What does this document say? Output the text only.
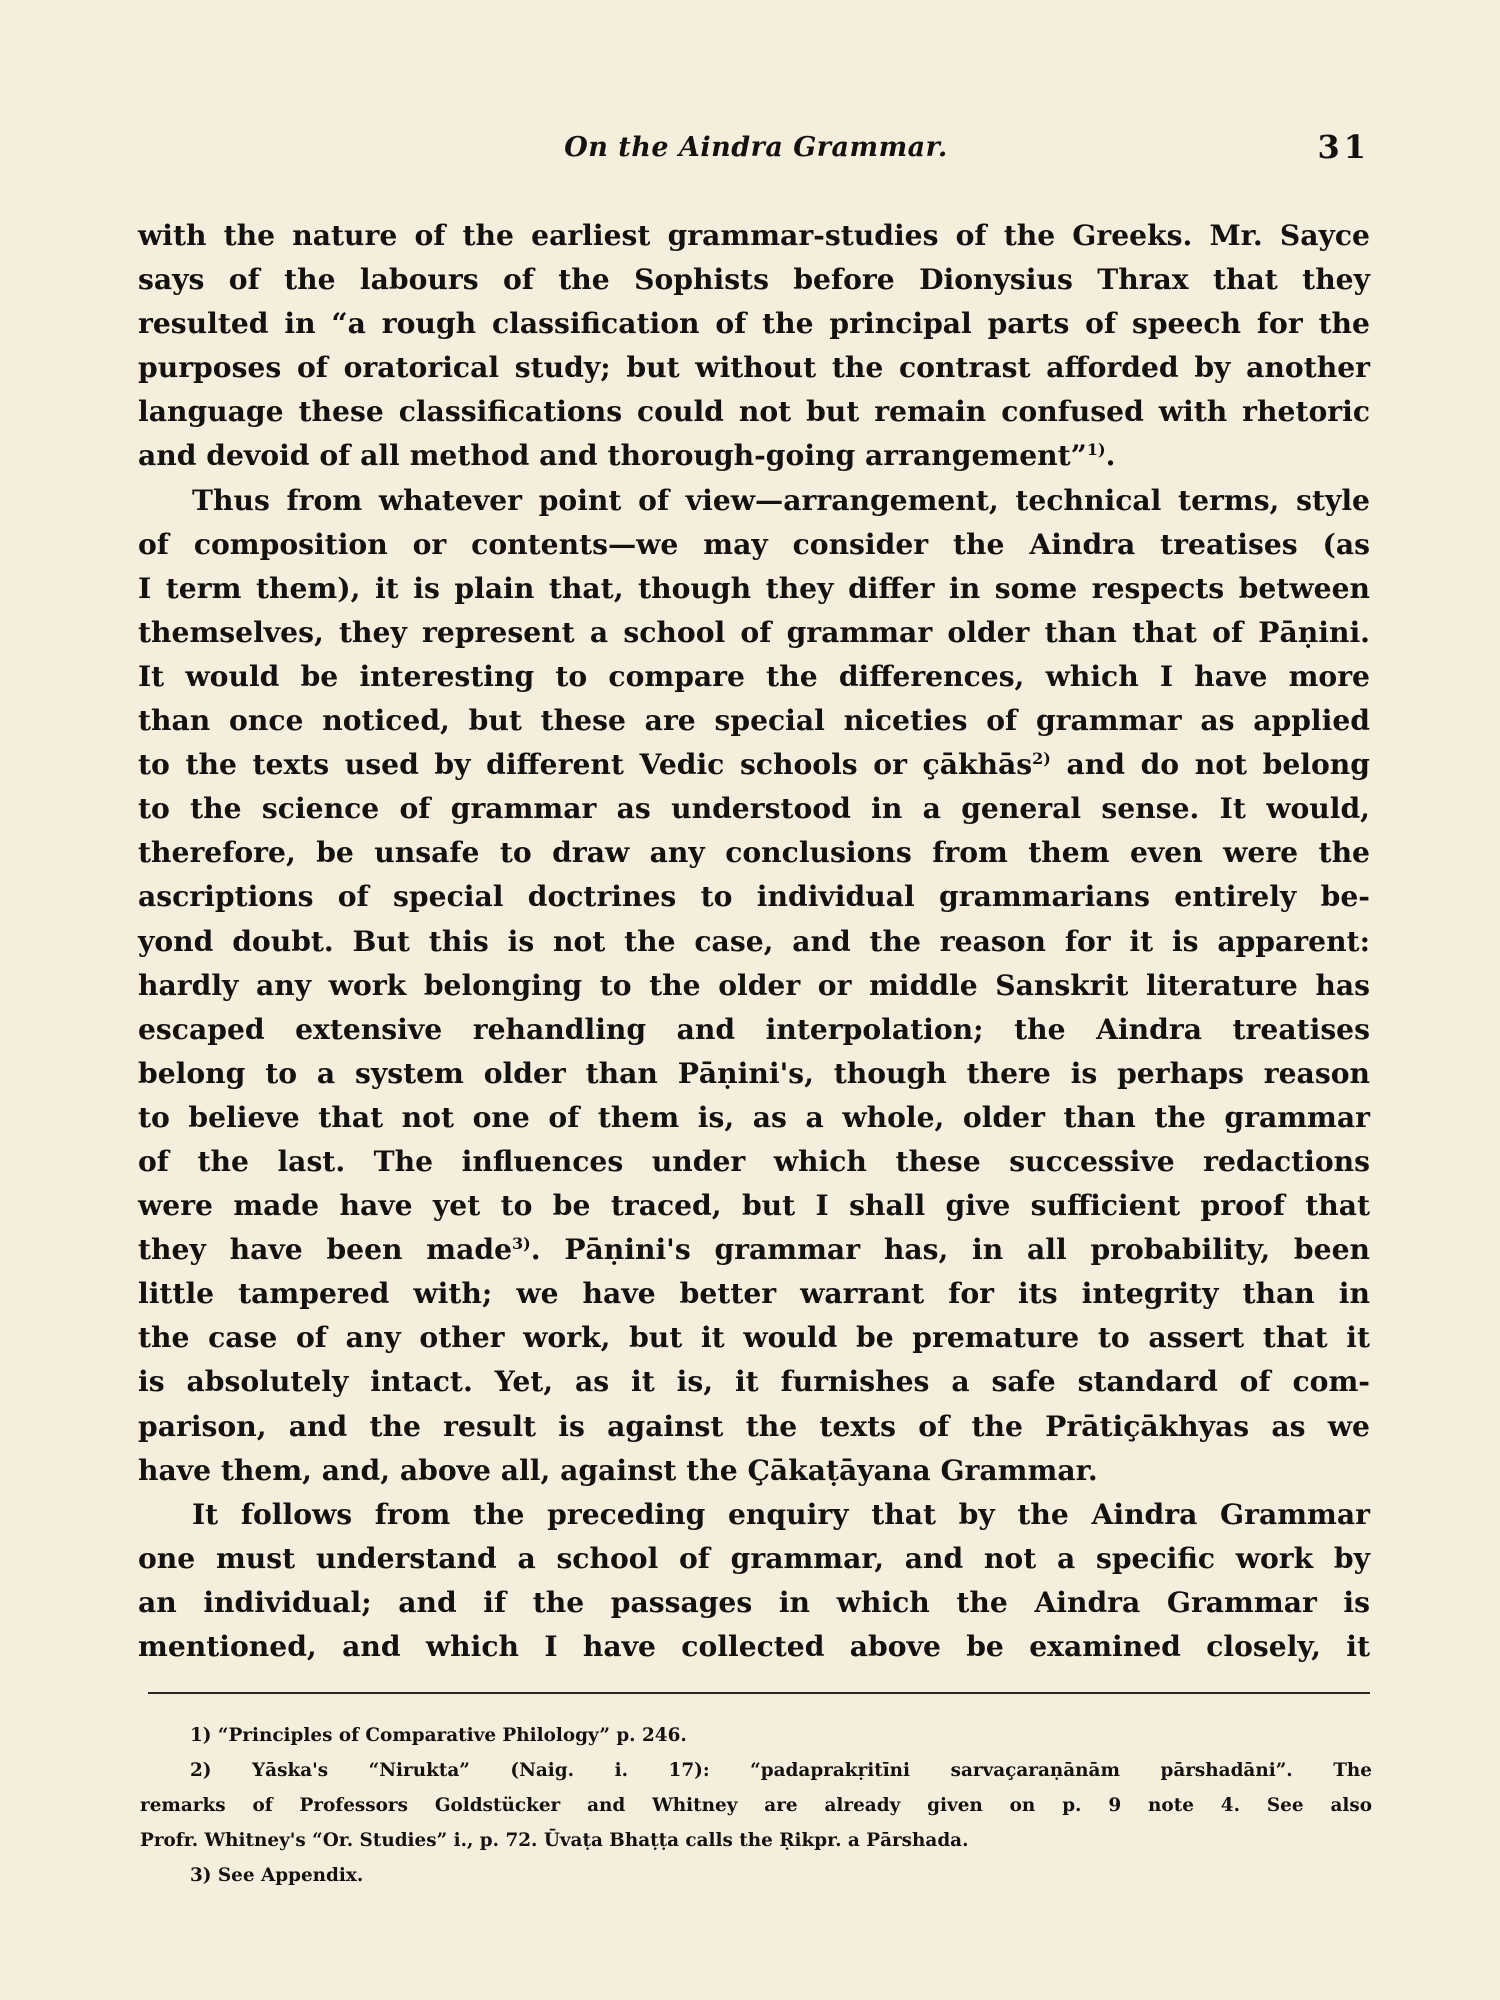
On the Aindra Grammar.	31

with the nature of the earliest grammar-studies of the Greeks. Mr. Sayce

says of the labours of the Sophists before Dionysius Thrax that they

resulted in “a rough classification of the principal parts of speech for the

purposes of oratorical study; but without the contrast afforded by another

language these classifications could not but remain confused with rhetoric

and devoid of all method and thorough-going arrangement”$^{1)}$.

Thus from whatever point of view—arrangement, technical terms, style

of composition or contents—we may consider the Aindra treatises (as

I term them), it is plain that, though they differ in some respects between

themselves, they represent a school of grammar older than that of Pāṇini.

It would be interesting to compare the differences, which I have more

than once noticed, but these are special niceties of grammar as applied

to the texts used by different Vedic schools or çākhās$^{2)}$ and do not belong

to the science of grammar as understood in a general sense. It would,

therefore, be unsafe to draw any conclusions from them even were the

ascriptions of special doctrines to individual grammarians entirely be-

yond doubt. But this is not the case, and the reason for it is apparent:

hardly any work belonging to the older or middle Sanskrit literature has

escaped extensive rehandling and interpolation; the Aindra treatises

belong to a system older than Pāṇini's, though there is perhaps reason

to believe that not one of them is, as a whole, older than the grammar

of the last. The influences under which these successive redactions

were made have yet to be traced, but I shall give sufficient proof that

they have been made$^{3)}$. Pāṇini's grammar has, in all probability, been

little tampered with; we have better warrant for its integrity than in

the case of any other work, but it would be premature to assert that it

is absolutely intact. Yet, as it is, it furnishes a safe standard of com-

parison, and the result is against the texts of the Prātiçākhyas as we

have them, and, above all, against the Çākaṭāyana Grammar.

It follows from the preceding enquiry that by the Aindra Grammar

one must understand a school of grammar, and not a specific work by

an individual; and if the passages in which the Aindra Grammar is

mentioned, and which I have collected above be examined closely, it

1) “Principles of Comparative Philology” p. 246.

2) Yāska's “Nirukta” (Naig. i. 17): “padaprakṛitīni sarvaçaraṇānām pārshadāni”. The

remarks of Professors Goldstücker and Whitney are already given on p. 9 note 4. See also

Profr. Whitney's “Or. Studies” i., p. 72. Ūvaṭa Bhaṭṭa calls the Ṛikpr. a Pārshada.

3) See Appendix.
